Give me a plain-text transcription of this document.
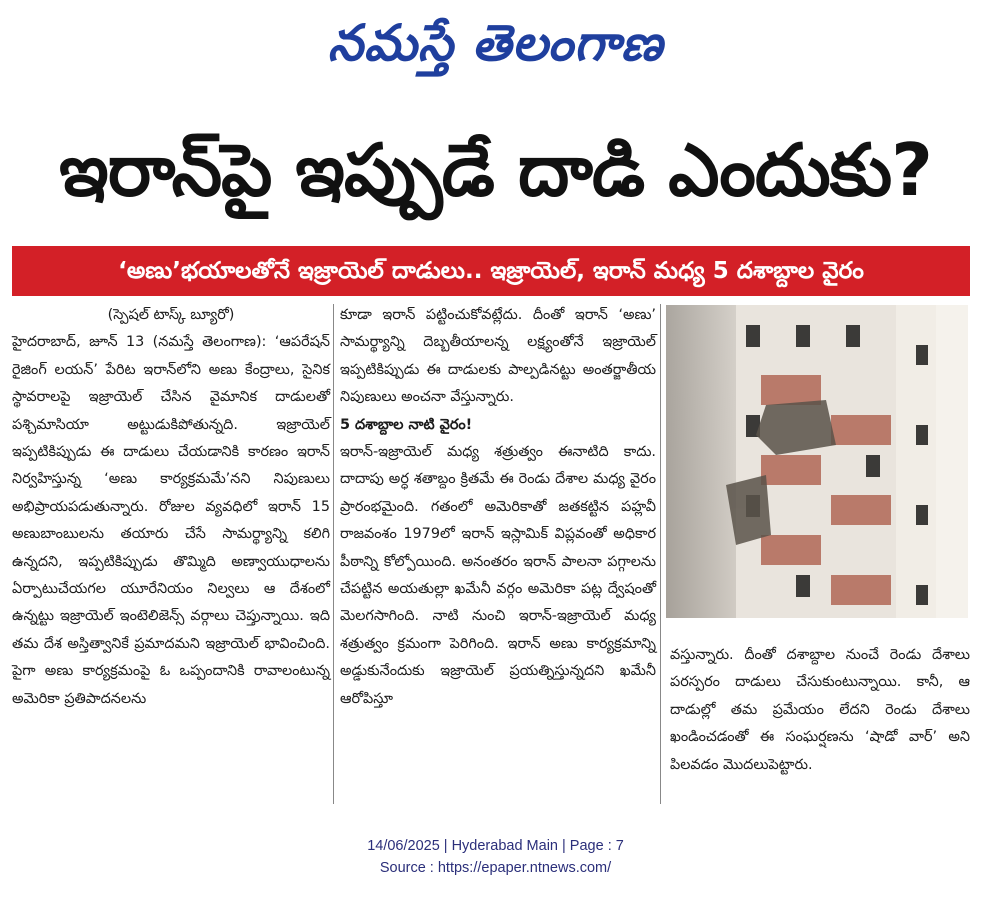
నమస్తే తెలంగాణ
ఇరాన్‌పై ఇప్పుడే దాడి ఎందుకు?
‘అణు’భయాలతోనే ఇజ్రాయెల్ దాడులు.. ఇజ్రాయెల్, ఇరాన్ మధ్య 5 దశాబ్దాల వైరం

(స్పెషల్ టాస్క్ బ్యూరో)

హైదరాబాద్, జూన్ 13 (నమస్తే తెలంగాణ): ‘ఆపరేషన్ రైజింగ్ లయన్’ పేరిట ఇరాన్‌లోని అణు కేంద్రాలు, సైనిక స్థావరాలపై ఇజ్రాయెల్ చేసిన వైమానిక దాడులతో పశ్చిమాసియా అట్టుడుకిపోతున్నది. ఇజ్రాయెల్ ఇప్పటికిప్పుడు ఈ దాడులు చేయడానికి కారణం ఇరాన్ నిర్వహిస్తున్న ‘అణు కార్యక్రమమే’నని నిపుణులు అభిప్రాయపడుతున్నారు. రోజుల వ్యవధిలో ఇరాన్ 15 అణుబాంబులను తయారు చేసే సామర్థ్యాన్ని కలిగి ఉన్నదని, ఇప్పటికిప్పుడు తొమ్మిది అణ్వాయుధాలను ఏర్పాటుచేయగల యూరేనియం నిల్వలు ఆ దేశంలో ఉన్నట్టు ఇజ్రాయెల్ ఇంటెలిజెన్స్ వర్గాలు చెప్తున్నాయి. ఇది తమ దేశ అస్తిత్వానికే ప్రమాదమని ఇజ్రాయెల్ భావించింది. పైగా అణు కార్యక్రమంపై ఓ ఒప్పందానికి రావాలంటున్న అమెరికా ప్రతిపాదనలను

కూడా ఇరాన్ పట్టించుకోవట్లేదు. దీంతో ఇరాన్ ‘అణు’ సామర్థ్యాన్ని దెబ్బతీయాలన్న లక్ష్యంతోనే ఇజ్రాయెల్ ఇప్పటికిప్పుడు ఈ దాడులకు పాల్పడినట్టు అంతర్జాతీయ నిపుణులు అంచనా వేస్తున్నారు.

5 దశాబ్దాల నాటి వైరం!

ఇరాన్-ఇజ్రాయెల్ మధ్య శత్రుత్వం ఈనాటిది కాదు. దాదాపు అర్ధ శతాబ్దం క్రితమే ఈ రెండు దేశాల మధ్య వైరం ప్రారంభమైంది. గతంలో అమెరికాతో జతకట్టిన పహ్లవీ రాజవంశం 1979లో ఇరాన్ ఇస్లామిక్ విప్లవంతో అధికార పీఠాన్ని కోల్పోయింది. అనంతరం ఇరాన్ పాలనా పగ్గాలను చేపట్టిన అయతుల్లా ఖమేనీ వర్గం అమెరికా పట్ల ద్వేషంతో మెలగసాగింది. నాటి నుంచి ఇరాన్-ఇజ్రాయెల్ మధ్య శత్రుత్వం క్రమంగా పెరిగింది. ఇరాన్ అణు కార్యక్రమాన్ని అడ్డుకునేందుకు ఇజ్రాయెల్ ప్రయత్నిస్తున్నదని ఖమేనీ ఆరోపిస్తూ

వస్తున్నారు. దీంతో దశాబ్దాల నుంచే రెండు దేశాలు పరస్పరం దాడులు చేసుకుంటున్నాయి. కానీ, ఆ దాడుల్లో తమ ప్రమేయం లేదని రెండు దేశాలు ఖండించడంతో ఈ సంఘర్షణను ‘షాడో వార్’ అని పిలవడం మొదలుపెట్టారు.

14/06/2025 | Hyderabad Main | Page : 7
Source : https://epaper.ntnews.com/
